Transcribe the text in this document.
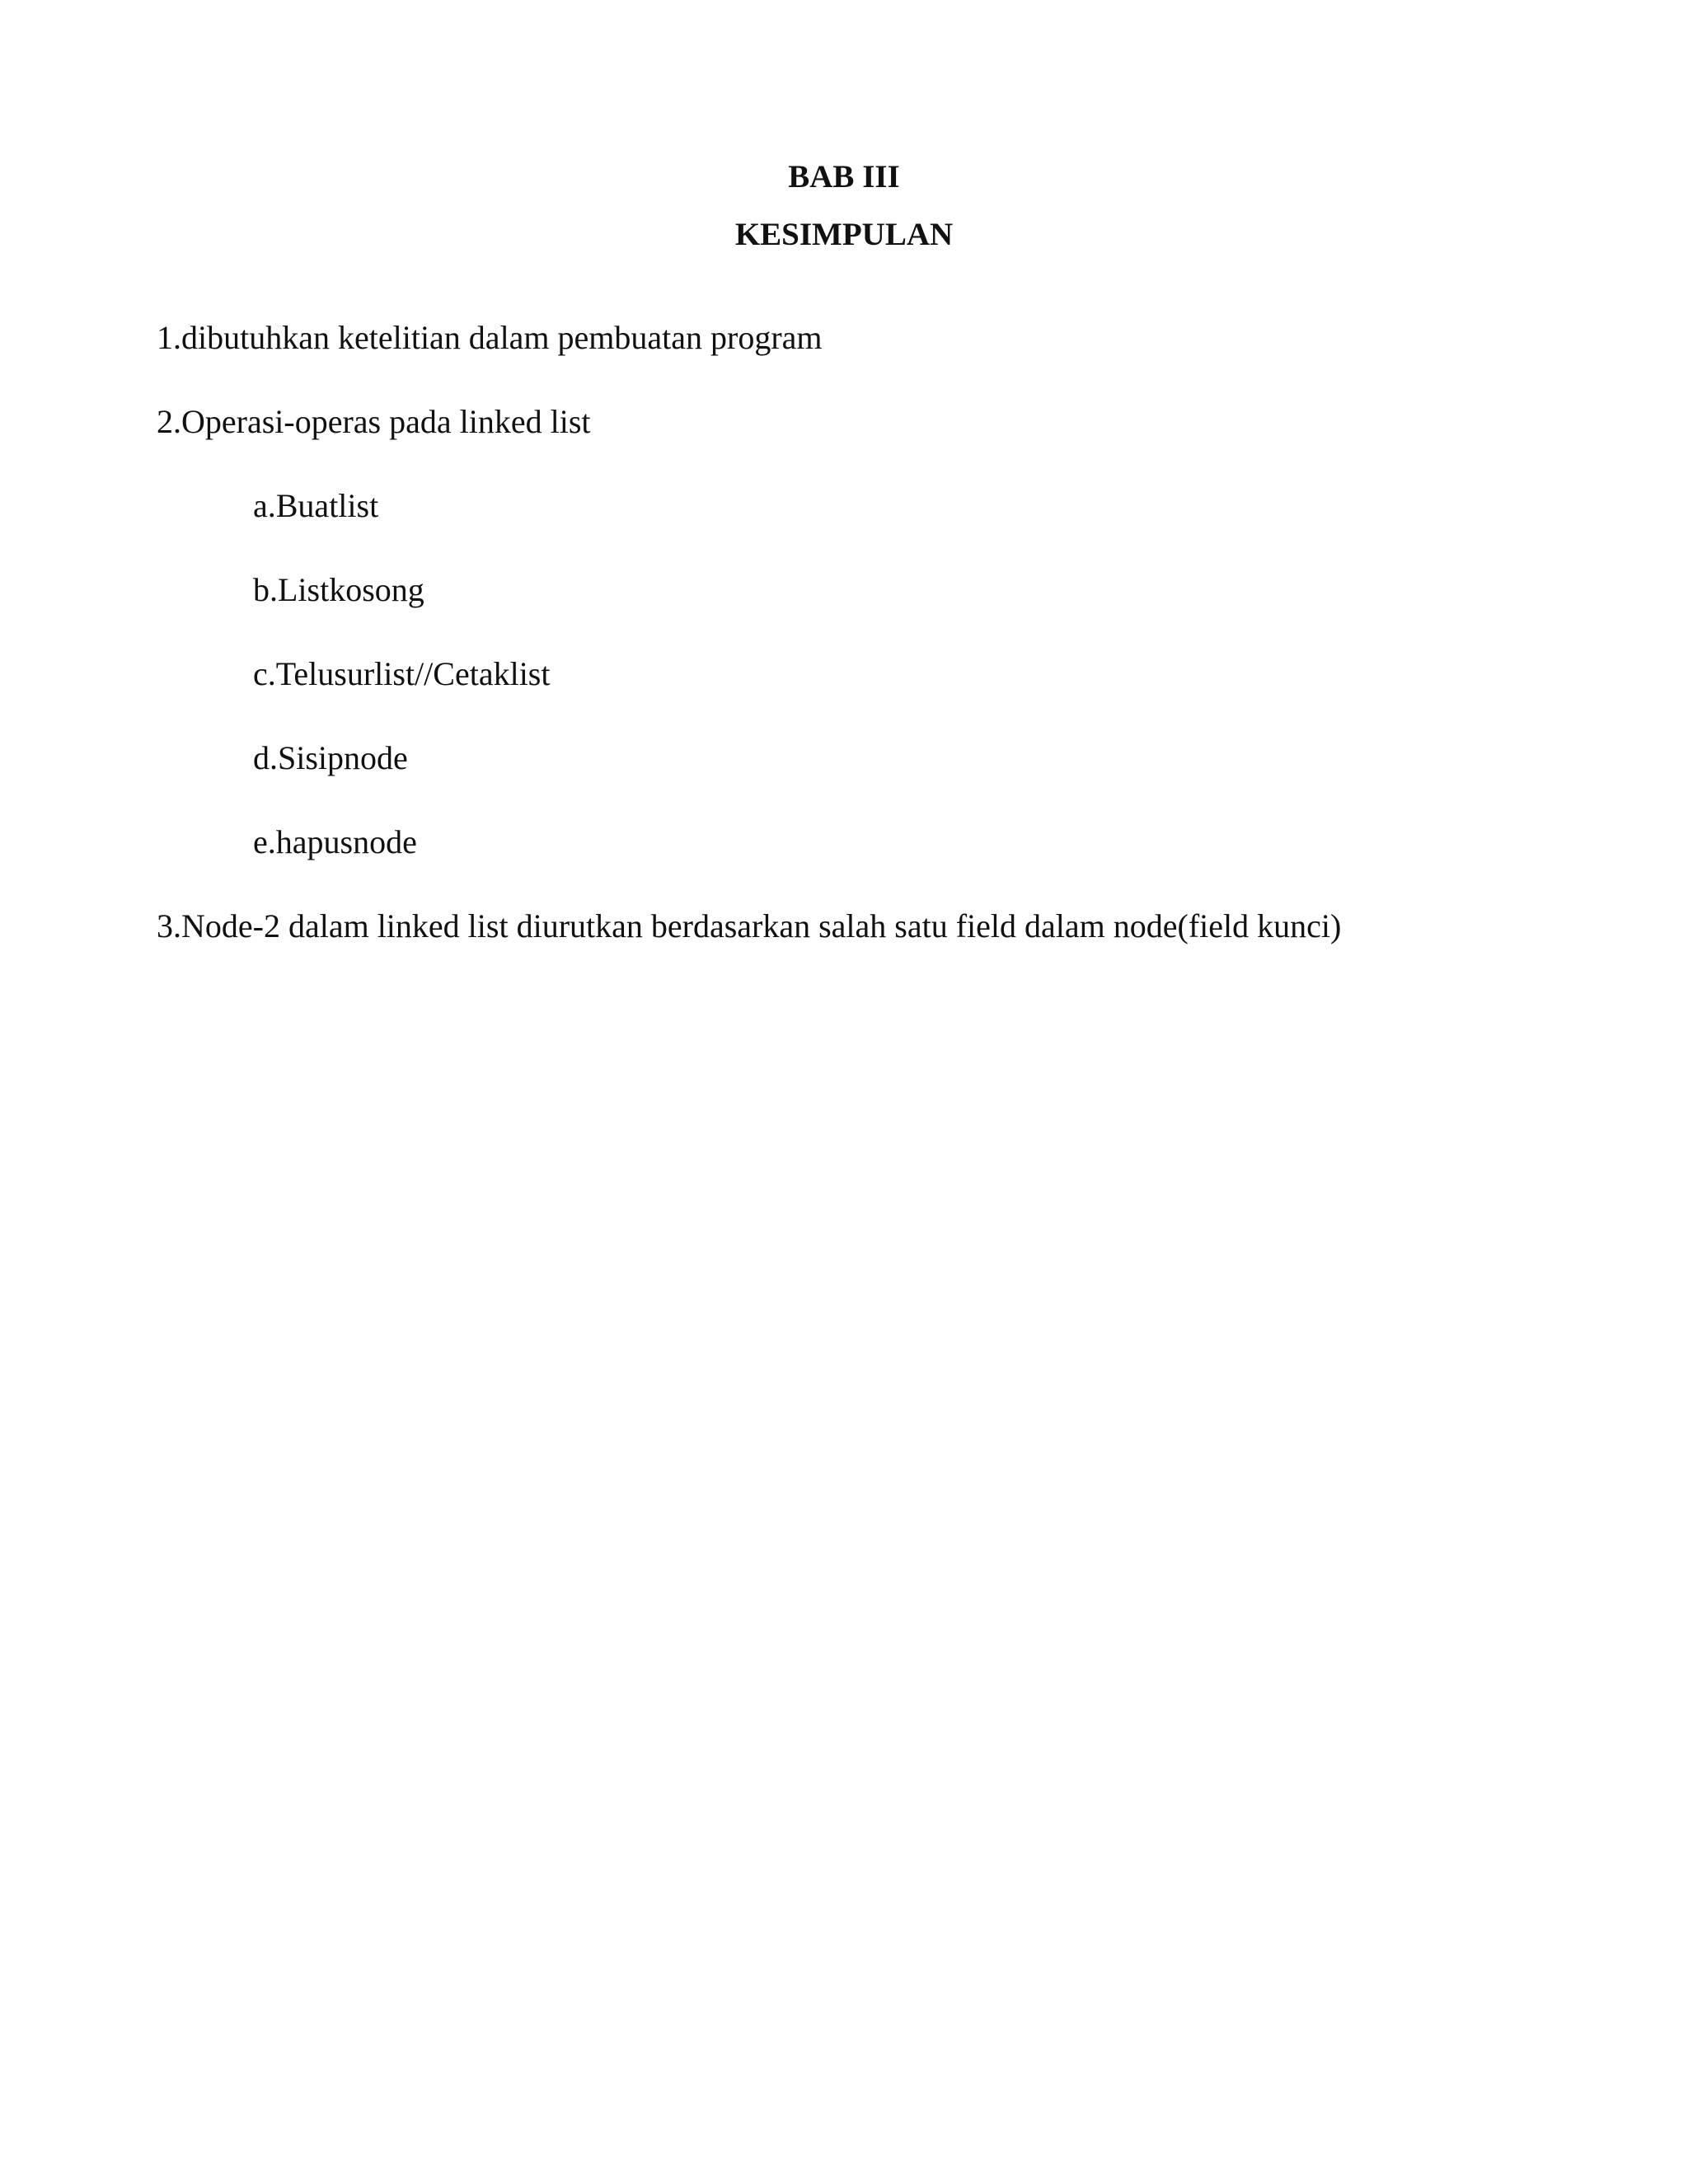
BAB III
KESIMPULAN

1.dibutuhkan ketelitian dalam pembuatan program

2.Operasi-operas pada linked list

a.Buatlist

b.Listkosong

c.Telusurlist//Cetaklist

d.Sisipnode

e.hapusnode

3.Node-2 dalam linked list diurutkan berdasarkan salah satu field dalam node(field kunci)
